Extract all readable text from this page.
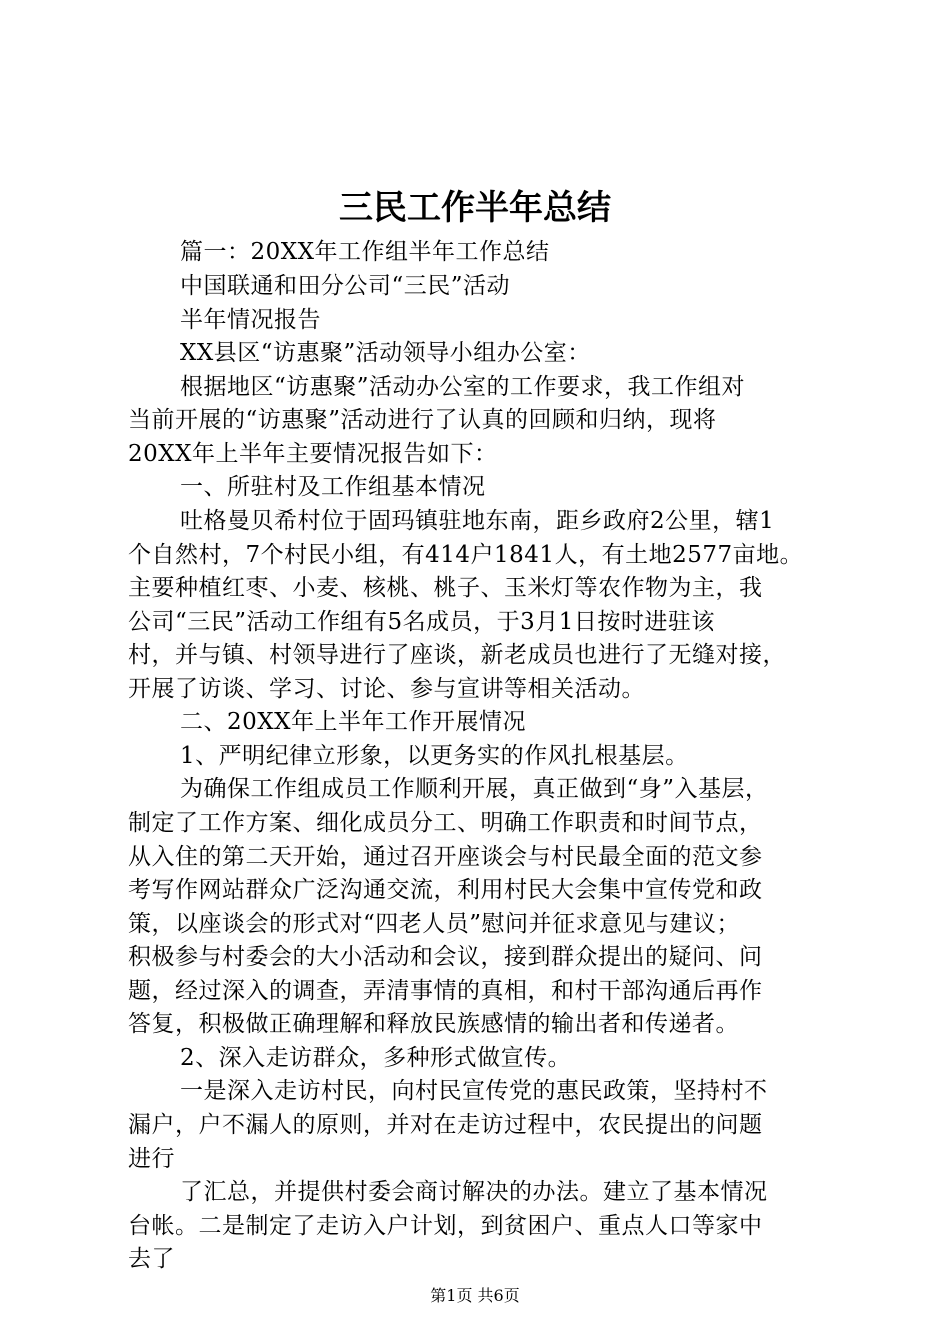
三民工作半年总结
篇一：20XX年工作组半年工作总结
中国联通和田分公司“三民”活动
半年情况报告
XX县区“访惠聚”活动领导小组办公室：
根据地区“访惠聚”活动办公室的工作要求，我工作组对
当前开展的“访惠聚”活动进行了认真的回顾和归纳，现将
20XX年上半年主要情况报告如下：
一、所驻村及工作组基本情况
吐格曼贝希村位于固玛镇驻地东南，距乡政府2公里，辖1
个自然村，7个村民小组，有414户1841人，有土地2577亩地。
主要种植红枣、小麦、核桃、桃子、玉米灯等农作物为主，我
公司“三民”活动工作组有5名成员，于3月1日按时进驻该
村，并与镇、村领导进行了座谈，新老成员也进行了无缝对接，
开展了访谈、学习、讨论、参与宣讲等相关活动。
二、20XX年上半年工作开展情况
1、严明纪律立形象，以更务实的作风扎根基层。
为确保工作组成员工作顺利开展，真正做到“身”入基层，
制定了工作方案、细化成员分工、明确工作职责和时间节点，
从入住的第二天开始，通过召开座谈会与村民最全面的范文参
考写作网站群众广泛沟通交流，利用村民大会集中宣传党和政
策，以座谈会的形式对“四老人员”慰问并征求意见与建议；
积极参与村委会的大小活动和会议，接到群众提出的疑问、问
题，经过深入的调查，弄清事情的真相，和村干部沟通后再作
答复，积极做正确理解和释放民族感情的输出者和传递者。
2、深入走访群众，多种形式做宣传。
一是深入走访村民，向村民宣传党的惠民政策，坚持村不
漏户，户不漏人的原则，并对在走访过程中，农民提出的问题
进行
了汇总，并提供村委会商讨解决的办法。建立了基本情况
台帐。二是制定了走访入户计划，到贫困户、重点人口等家中
去了
第1页 共6页
